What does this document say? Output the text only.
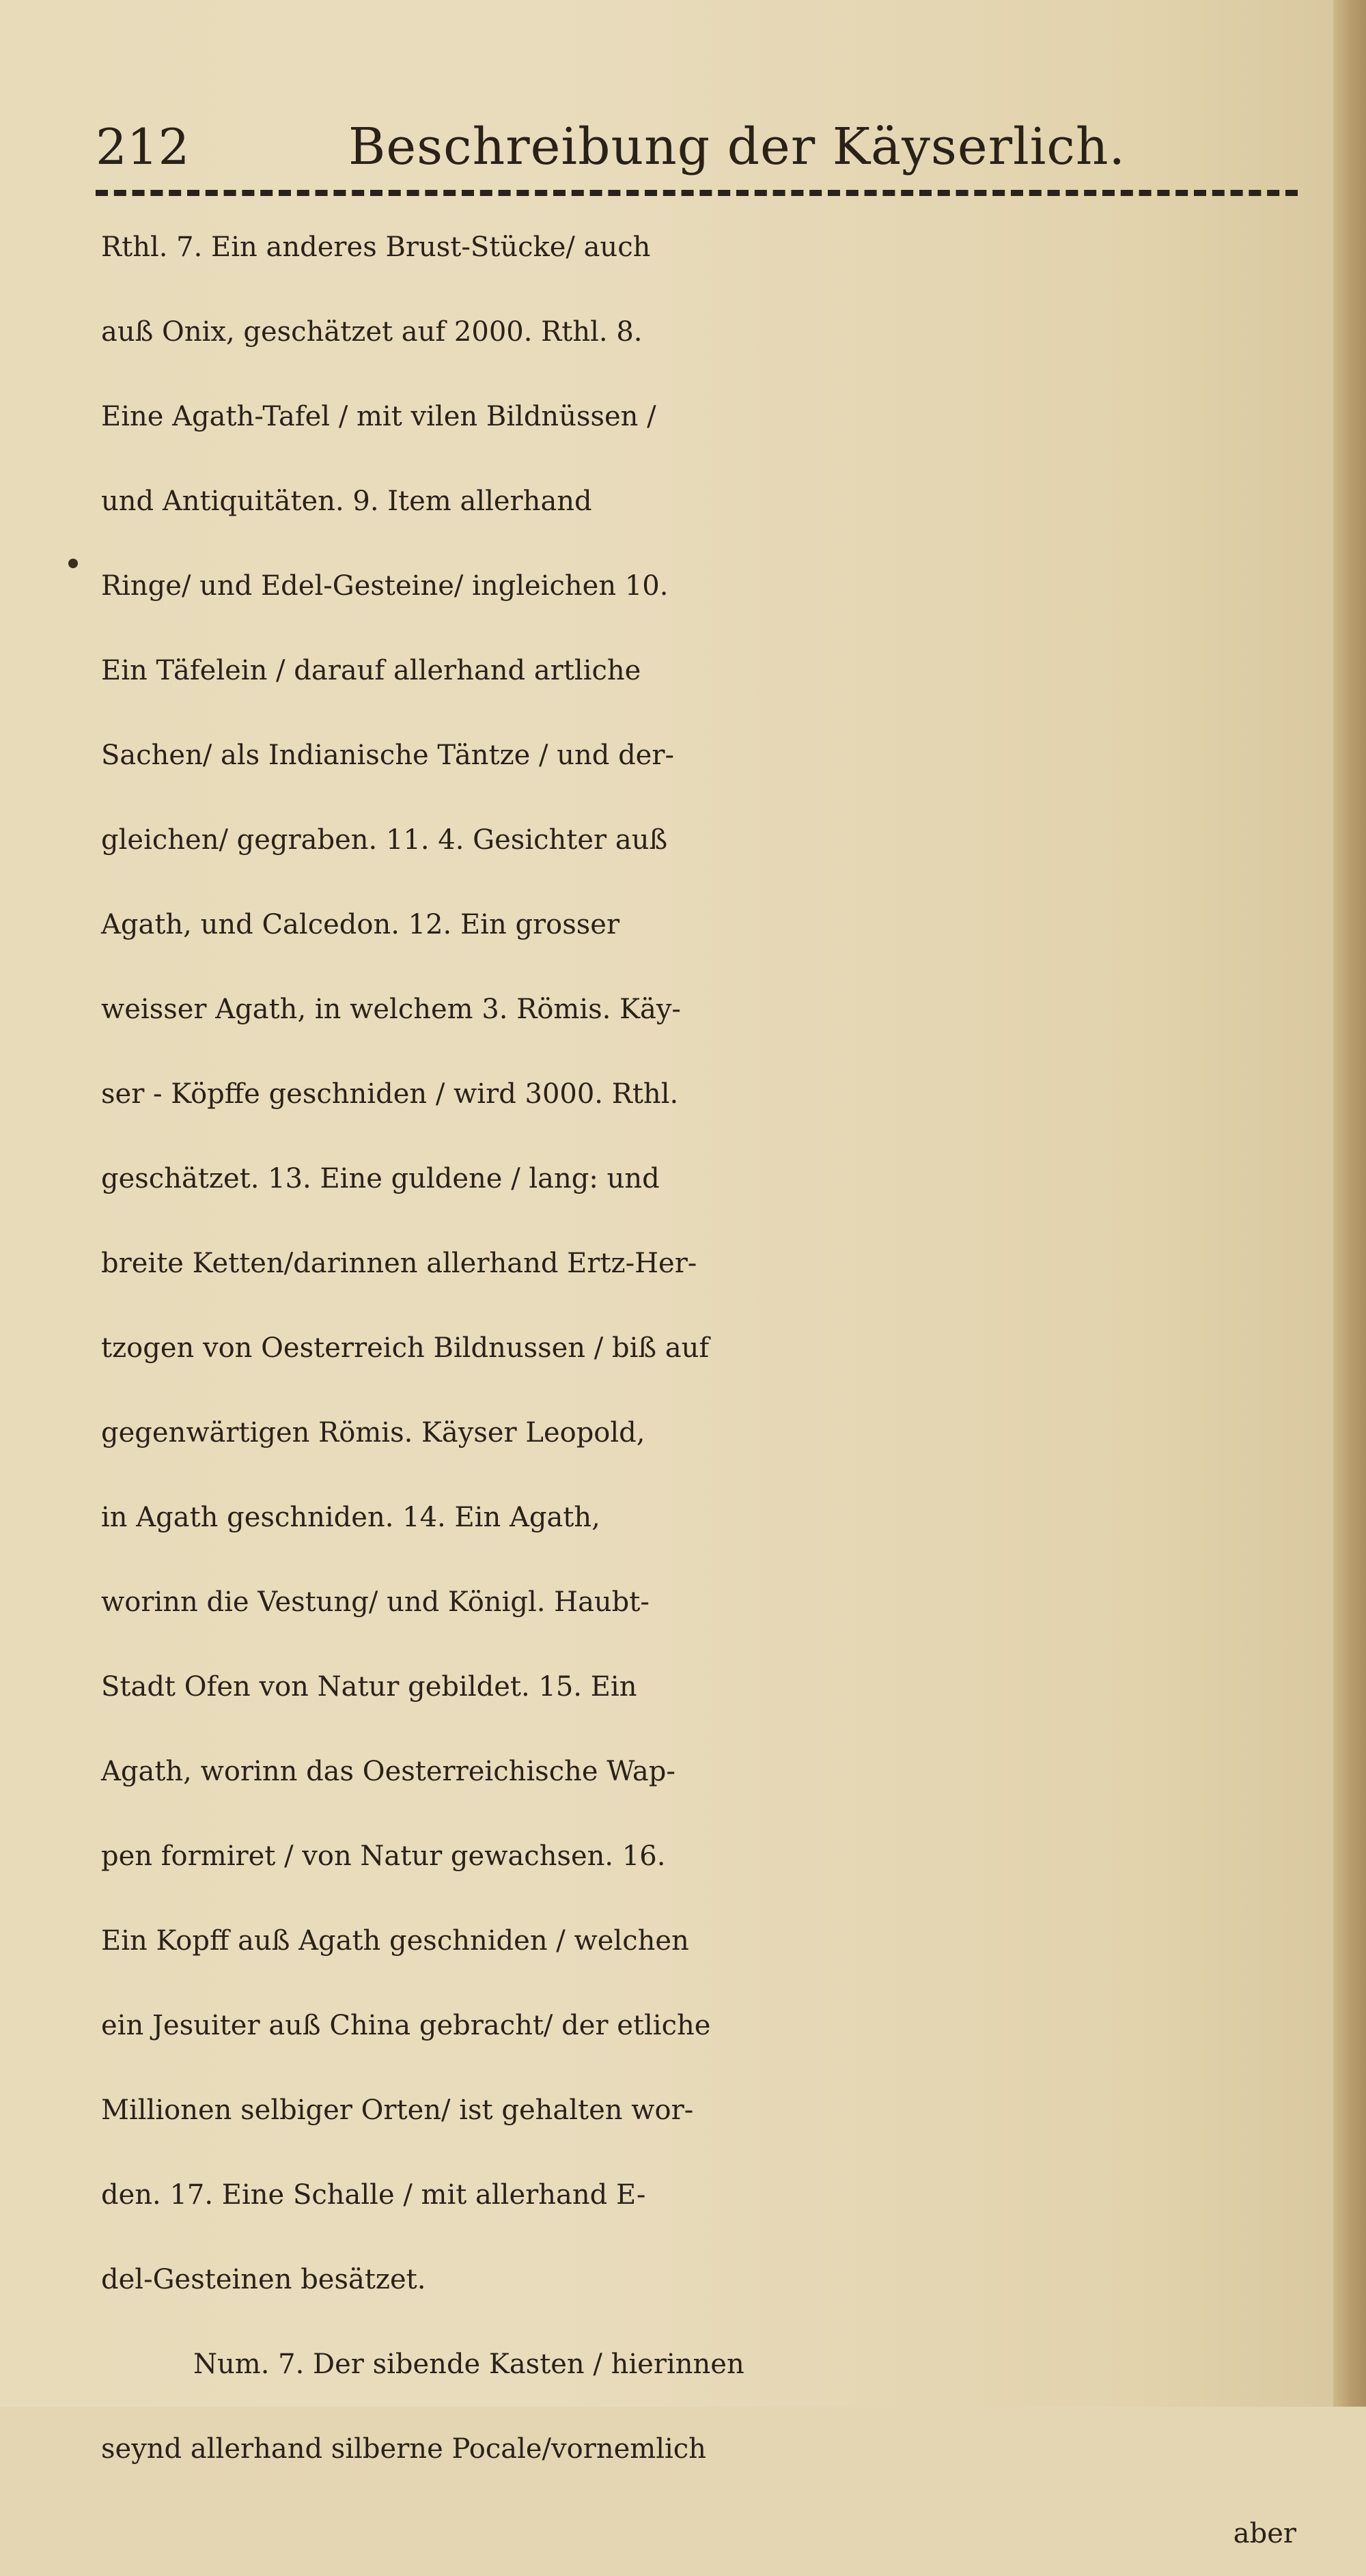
212	Beschreibung der Käyserlich.
Rthl. 7. Ein anderes Brust-Stücke/ auch
auß Onix, geschätzet auf 2000. Rthl. 8.
Eine Agath-Tafel / mit vilen Bildnüssen /
und Antiquitäten. 9. Item allerhand
Ringe/ und Edel-Gesteine/ ingleichen 10.
Ein Täfelein / darauf allerhand artliche
Sachen/ als Indianische Täntze / und der-
gleichen/ gegraben. 11. 4. Gesichter auß
Agath, und Calcedon. 12. Ein grosser
weisser Agath, in welchem 3. Römis. Käy-
ser - Köpffe geschniden / wird 3000. Rthl.
geschätzet. 13. Eine guldene / lang: und
breite Ketten/darinnen allerhand Ertz-Her-
tzogen von Oesterreich Bildnussen / biß auf
gegenwärtigen Römis. Käyser Leopold,
in Agath geschniden. 14. Ein Agath,
worinn die Vestung/ und Königl. Haubt-
Stadt Ofen von Natur gebildet. 15. Ein
Agath, worinn das Oesterreichische Wap-
pen formiret / von Natur gewachsen. 16.
Ein Kopff auß Agath geschniden / welchen
ein Jesuiter auß China gebracht/ der etliche
Millionen selbiger Orten/ ist gehalten wor-
den. 17. Eine Schalle / mit allerhand E-
del-Gesteinen besätzet.
Num. 7. Der sibende Kasten / hierinnen
seynd allerhand silberne Pocale/vornemlich
aber
